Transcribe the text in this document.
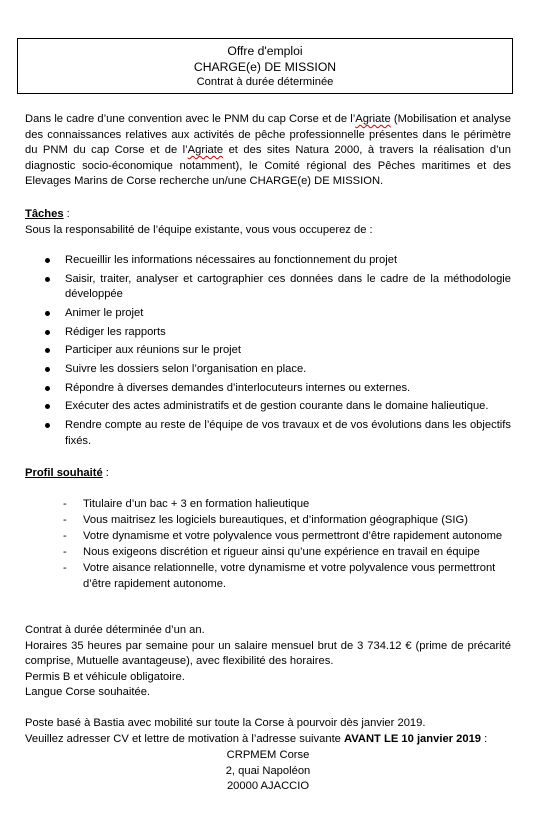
Offre d'emploi
CHARGE(e) DE MISSION
Contrat à durée déterminée
Dans le cadre d’une convention avec le PNM du cap Corse et de l’Agriate (Mobilisation et analyse des connaissances relatives aux activités de pêche professionnelle présentes dans le périmètre du PNM du cap Corse et de l’Agriate et des sites Natura 2000, à travers la réalisation d’un diagnostic socio-économique notamment), le Comité régional des Pêches maritimes et des Elevages Marins de Corse recherche un/une CHARGE(e) DE MISSION.
Tâches :
Sous la responsabilité de l’équipe existante, vous vous occuperez de :
Recueillir les informations nécessaires au fonctionnement du projet
Saisir, traiter, analyser et cartographier ces données dans le cadre de la méthodologie développée
Animer le projet
Rédiger les rapports
Participer aux réunions sur le projet
Suivre les dossiers selon l’organisation en place.
Répondre à diverses demandes d’interlocuteurs internes ou externes.
Exécuter des actes administratifs et de gestion courante dans le domaine halieutique.
Rendre compte au reste de l’équipe de vos travaux et de vos évolutions dans les objectifs fixés.
Profil souhaité :
- Titulaire d’un bac + 3 en formation halieutique
- Vous maitrisez les logiciels bureautiques, et d’information géographique (SIG)
- Votre dynamisme et votre polyvalence vous permettront d’être rapidement autonome
- Nous exigeons discrétion et rigueur ainsi qu’une expérience en travail en équipe
- Votre aisance relationnelle, votre dynamisme et votre polyvalence vous permettront d’être rapidement autonome.

Contrat à durée déterminée d’un an.

Horaires 35 heures par semaine pour un salaire mensuel brut de 3 734.12 € (prime de précarité comprise, Mutuelle avantageuse), avec flexibilité des horaires.

Permis B et véhicule obligatoire.

Langue Corse souhaitée.

Poste basé à Bastia avec mobilité sur toute la Corse à pourvoir dès janvier 2019.

Veuillez adresser CV et lettre de motivation à l’adresse suivante AVANT LE 10 janvier 2019 :

CRPMEM Corse
2, quai Napoléon
20000 AJACCIO
